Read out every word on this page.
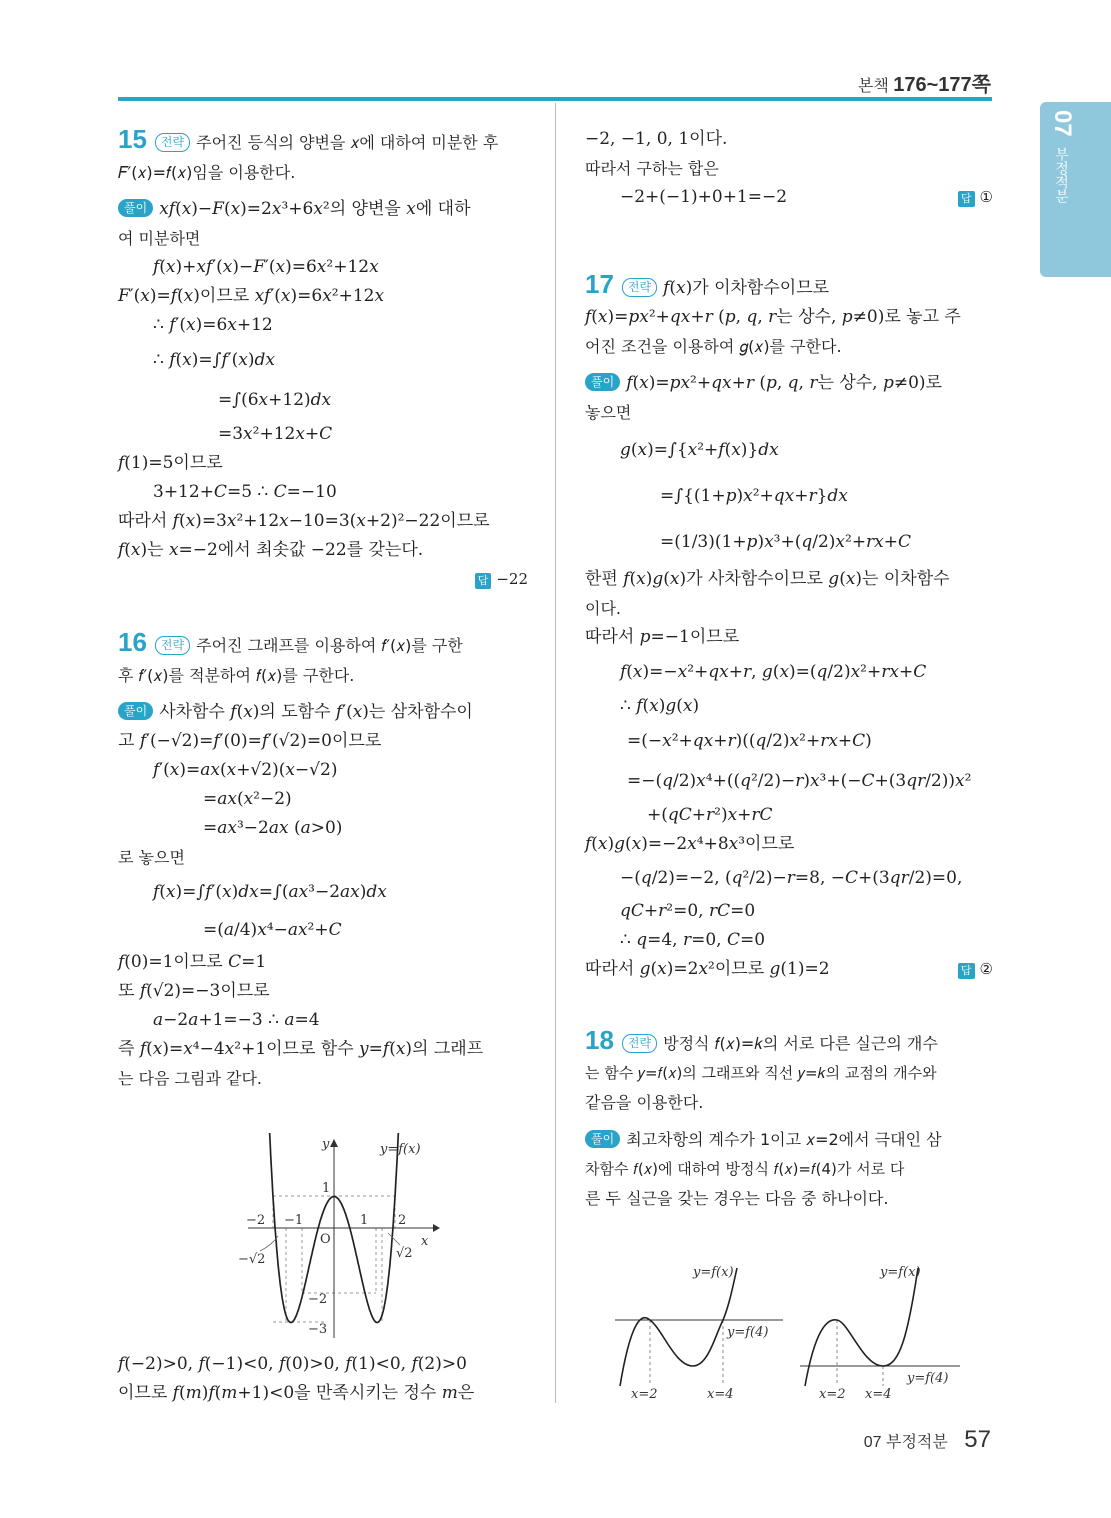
본책 176~177쪽
07 부정적분
15 전략 주어진 등식의 양변을 𝑥에 대하여 미분한 후
𝐹′(𝑥)=𝑓(𝑥)임을 이용한다.
풀이 𝑥𝑓(𝑥)−𝐹(𝑥)=2𝑥³+6𝑥²의 양변을 𝑥에 대하
여 미분하면
𝑓(𝑥)+𝑥𝑓′(𝑥)−𝐹′(𝑥)=6𝑥²+12𝑥
𝐹′(𝑥)=𝑓(𝑥)이므로 𝑥𝑓′(𝑥)=6𝑥²+12𝑥
∴ 𝑓′(𝑥)=6𝑥+12
∴ 𝑓(𝑥)=∫𝑓′(𝑥)𝑑𝑥
=∫(6𝑥+12)𝑑𝑥
=3𝑥²+12𝑥+𝐶
𝑓(1)=5이므로
3+12+𝐶=5 ∴ 𝐶=−10
따라서 𝑓(𝑥)=3𝑥²+12𝑥−10=3(𝑥+2)²−22이므로
𝑓(𝑥)는 𝑥=−2에서 최솟값 −22를 갖는다.
답 −22
16 전략 주어진 그래프를 이용하여 𝑓′(𝑥)를 구한
후 𝑓′(𝑥)를 적분하여 𝑓(𝑥)를 구한다.
풀이 사차함수 𝑓(𝑥)의 도함수 𝑓′(𝑥)는 삼차함수이
고 𝑓′(−√2)=𝑓′(0)=𝑓′(√2)=0이므로
𝑓′(𝑥)=𝑎𝑥(𝑥+√2)(𝑥−√2)
=𝑎𝑥(𝑥²−2)
=𝑎𝑥³−2𝑎𝑥 (𝑎>0)
로 놓으면
𝑓(𝑥)=∫𝑓′(𝑥)𝑑𝑥=∫(𝑎𝑥³−2𝑎𝑥)𝑑𝑥
=(𝑎/4)𝑥⁴−𝑎𝑥²+𝐶
𝑓(0)=1이므로 𝐶=1
또 𝑓(√2)=−3이므로
𝑎−2𝑎+1=−3 ∴ 𝑎=4
즉 𝑓(𝑥)=𝑥⁴−4𝑥²+1이므로 함수 𝑦=𝑓(𝑥)의 그래프
는 다음 그림과 같다.
y	y=f(x)
x
O
1
−2
−3
−2 −1	1 2
−√2	√2
𝑓(−2)>0, 𝑓(−1)<0, 𝑓(0)>0, 𝑓(1)<0, 𝑓(2)>0
이므로 𝑓(𝑚)𝑓(𝑚+1)<0을 만족시키는 정수 𝑚은
−2, −1, 0, 1이다.
따라서 구하는 합은
−2+(−1)+0+1=−2	답 ①
17 전략 𝑓(𝑥)가 이차함수이므로
𝑓(𝑥)=𝑝𝑥²+𝑞𝑥+𝑟 (𝑝, 𝑞, 𝑟는 상수, 𝑝≠0)로 놓고 주
어진 조건을 이용하여 𝑔(𝑥)를 구한다.
풀이 𝑓(𝑥)=𝑝𝑥²+𝑞𝑥+𝑟 (𝑝, 𝑞, 𝑟는 상수, 𝑝≠0)로
놓으면
𝑔(𝑥)=∫{𝑥²+𝑓(𝑥)}𝑑𝑥
=∫{(1+𝑝)𝑥²+𝑞𝑥+𝑟}𝑑𝑥
=(1/3)(1+𝑝)𝑥³+(𝑞/2)𝑥²+𝑟𝑥+𝐶
한편 𝑓(𝑥)𝑔(𝑥)가 사차함수이므로 𝑔(𝑥)는 이차함수
이다.
따라서 𝑝=−1이므로
𝑓(𝑥)=−𝑥²+𝑞𝑥+𝑟, 𝑔(𝑥)=(𝑞/2)𝑥²+𝑟𝑥+𝐶
∴ 𝑓(𝑥)𝑔(𝑥)
=(−𝑥²+𝑞𝑥+𝑟)((𝑞/2)𝑥²+𝑟𝑥+𝐶)
=−(𝑞/2)𝑥⁴+((𝑞²/2)−𝑟)𝑥³+(−𝐶+(3𝑞𝑟/2))𝑥²
+(𝑞𝐶+𝑟²)𝑥+𝑟𝐶
𝑓(𝑥)𝑔(𝑥)=−2𝑥⁴+8𝑥³이므로
−(𝑞/2)=−2, (𝑞²/2)−𝑟=8, −𝐶+(3𝑞𝑟/2)=0,
𝑞𝐶+𝑟²=0, 𝑟𝐶=0
∴ 𝑞=4, 𝑟=0, 𝐶=0
따라서 𝑔(𝑥)=2𝑥²이므로 𝑔(1)=2	답 ②
18 전략 방정식 𝑓(𝑥)=𝑘의 서로 다른 실근의 개수
는 함수 𝑦=𝑓(𝑥)의 그래프와 직선 𝑦=𝑘의 교점의 개수와
같음을 이용한다.
풀이 최고차항의 계수가 1이고 𝑥=2에서 극대인 삼
차함수 𝑓(𝑥)에 대하여 방정식 𝑓(𝑥)=𝑓(4)가 서로 다
른 두 실근을 갖는 경우는 다음 중 하나이다.
y=f(x)
y=f(4)
x=2	x=4
y=f(x)
y=f(4)
x=2 x=4
07 부정적분 57
